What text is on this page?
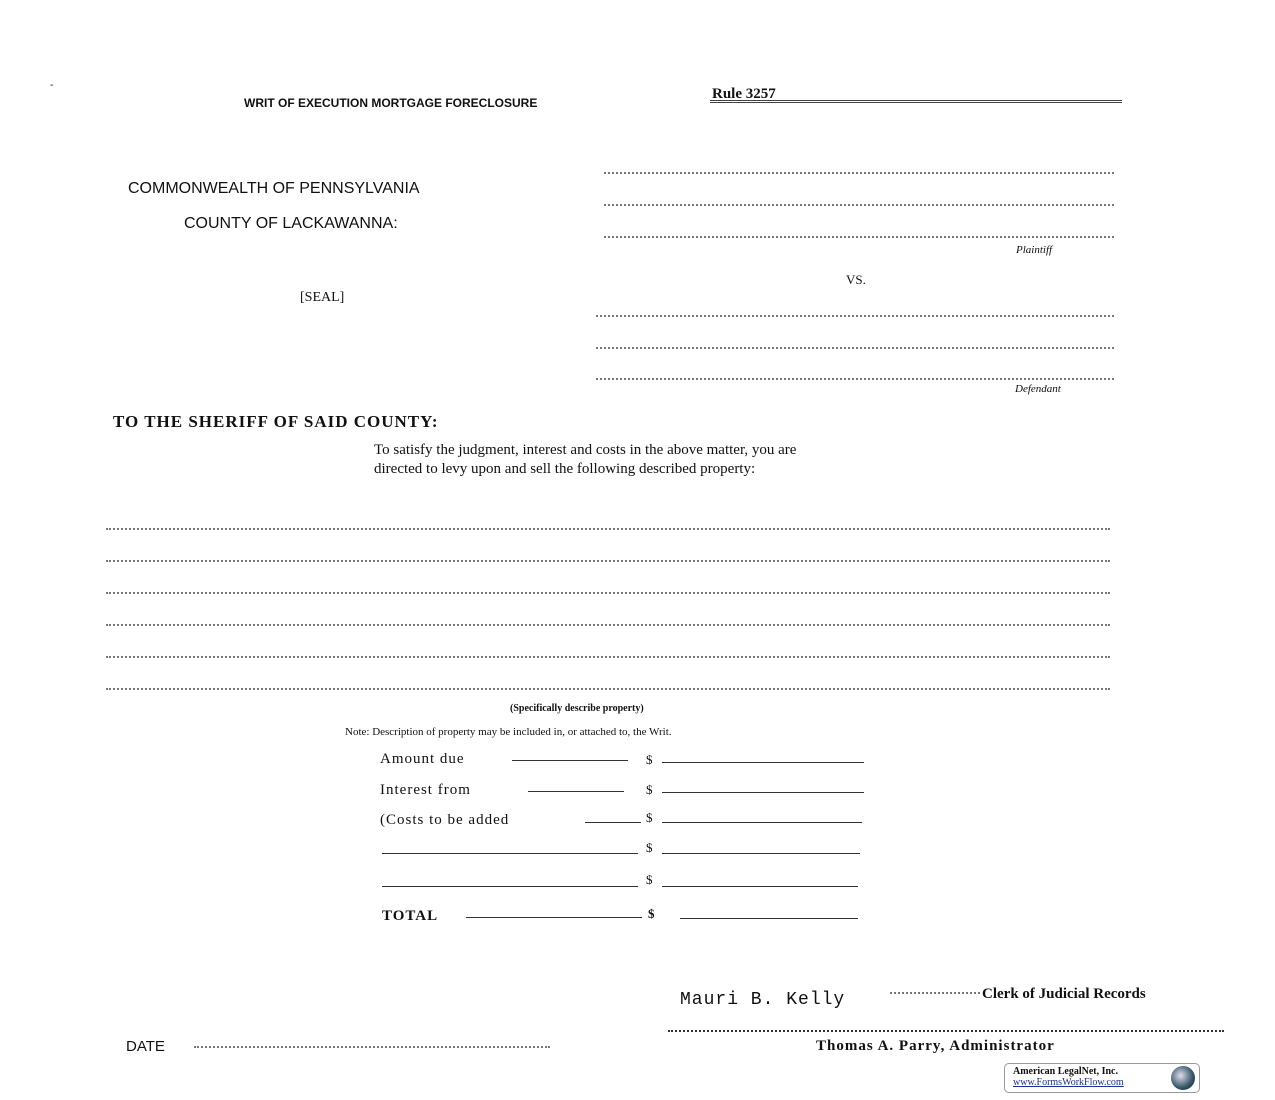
-
WRIT OF EXECUTION MORTGAGE FORECLOSURE
Rule 3257
COMMONWEALTH OF PENNSYLVANIA
COUNTY OF LACKAWANNA:
[SEAL]
Plaintiff
VS.
Defendant
TO THE SHERIFF OF SAID COUNTY:
To satisfy the judgment, interest and costs in the above matter, you are
directed to levy upon and sell the following described property:
(Specifically describe property)
Note: Description of property may be included in, or attached to, the Writ.
Amount due	$
Interest from	$
(Costs to be added	$
$
$
TOTAL	$
Mauri B. Kelly	Clerk of Judicial Records
Thomas A. Parry, Administrator
DATE
American LegalNet, Inc.
www.FormsWorkFlow.com
